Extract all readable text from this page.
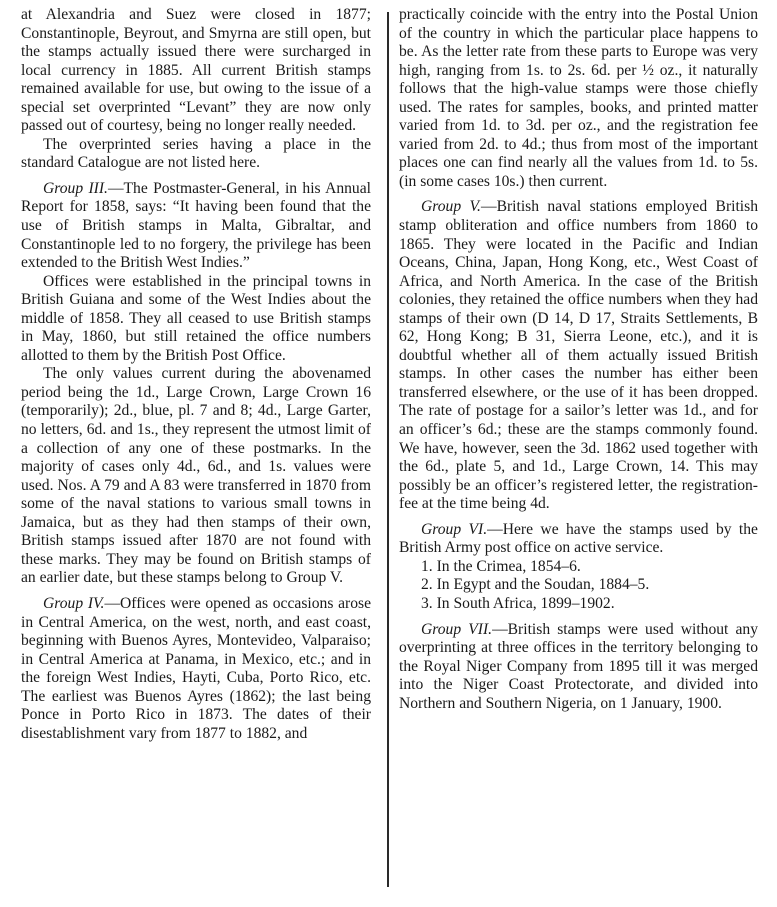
at Alexandria and Suez were closed in 1877; Constantinople, Beyrout, and Smyrna are still open, but the stamps actually issued there were surcharged in local currency in 1885. All current British stamps remained available for use, but owing to the issue of a special set overprinted “Levant” they are now only passed out of courtesy, being no longer really needed.

The overprinted series having a place in the standard Catalogue are not listed here.

Group III.—The Postmaster-General, in his Annual Report for 1858, says: “It having been found that the use of British stamps in Malta, Gibraltar, and Constantinople led to no forgery, the privilege has been extended to the British West Indies.”

Offices were established in the principal towns in British Guiana and some of the West Indies about the middle of 1858. They all ceased to use British stamps in May, 1860, but still retained the office numbers allotted to them by the British Post Office.

The only values current during the abovenamed period being the 1d., Large Crown, Large Crown 16 (temporarily); 2d., blue, pl. 7 and 8; 4d., Large Garter, no letters, 6d. and 1s., they represent the utmost limit of a collection of any one of these postmarks. In the majority of cases only 4d., 6d., and 1s. values were used. Nos. A 79 and A 83 were transferred in 1870 from some of the naval stations to various small towns in Jamaica, but as they had then stamps of their own, British stamps issued after 1870 are not found with these marks. They may be found on British stamps of an earlier date, but these stamps belong to Group V.

Group IV.—Offices were opened as occasions arose in Central America, on the west, north, and east coast, beginning with Buenos Ayres, Montevideo, Valparaiso; in Central America at Panama, in Mexico, etc.; and in the foreign West Indies, Hayti, Cuba, Porto Rico, etc. The earliest was Buenos Ayres (1862); the last being Ponce in Porto Rico in 1873. The dates of their disestablishment vary from 1877 to 1882, and

practically coincide with the entry into the Postal Union of the country in which the particular place happens to be. As the letter rate from these parts to Europe was very high, ranging from 1s. to 2s. 6d. per ½ oz., it naturally follows that the high-value stamps were those chiefly used. The rates for samples, books, and printed matter varied from 1d. to 3d. per oz., and the registration fee varied from 2d. to 4d.; thus from most of the important places one can find nearly all the values from 1d. to 5s. (in some cases 10s.) then current.

Group V.—British naval stations employed British stamp obliteration and office numbers from 1860 to 1865. They were located in the Pacific and Indian Oceans, China, Japan, Hong Kong, etc., West Coast of Africa, and North America. In the case of the British colonies, they retained the office numbers when they had stamps of their own (D 14, D 17, Straits Settlements, B 62, Hong Kong; B 31, Sierra Leone, etc.), and it is doubtful whether all of them actually issued British stamps. In other cases the number has either been transferred elsewhere, or the use of it has been dropped. The rate of postage for a sailor’s letter was 1d., and for an officer’s 6d.; these are the stamps commonly found. We have, however, seen the 3d. 1862 used together with the 6d., plate 5, and 1d., Large Crown, 14. This may possibly be an officer’s registered letter, the registration-fee at the time being 4d.

Group VI.—Here we have the stamps used by the British Army post office on active service.

1. In the Crimea, 1854–6.
2. In Egypt and the Soudan, 1884–5.
3. In South Africa, 1899–1902.

Group VII.—British stamps were used without any overprinting at three offices in the territory belonging to the Royal Niger Company from 1895 till it was merged into the Niger Coast Protectorate, and divided into Northern and Southern Nigeria, on 1 January, 1900.
